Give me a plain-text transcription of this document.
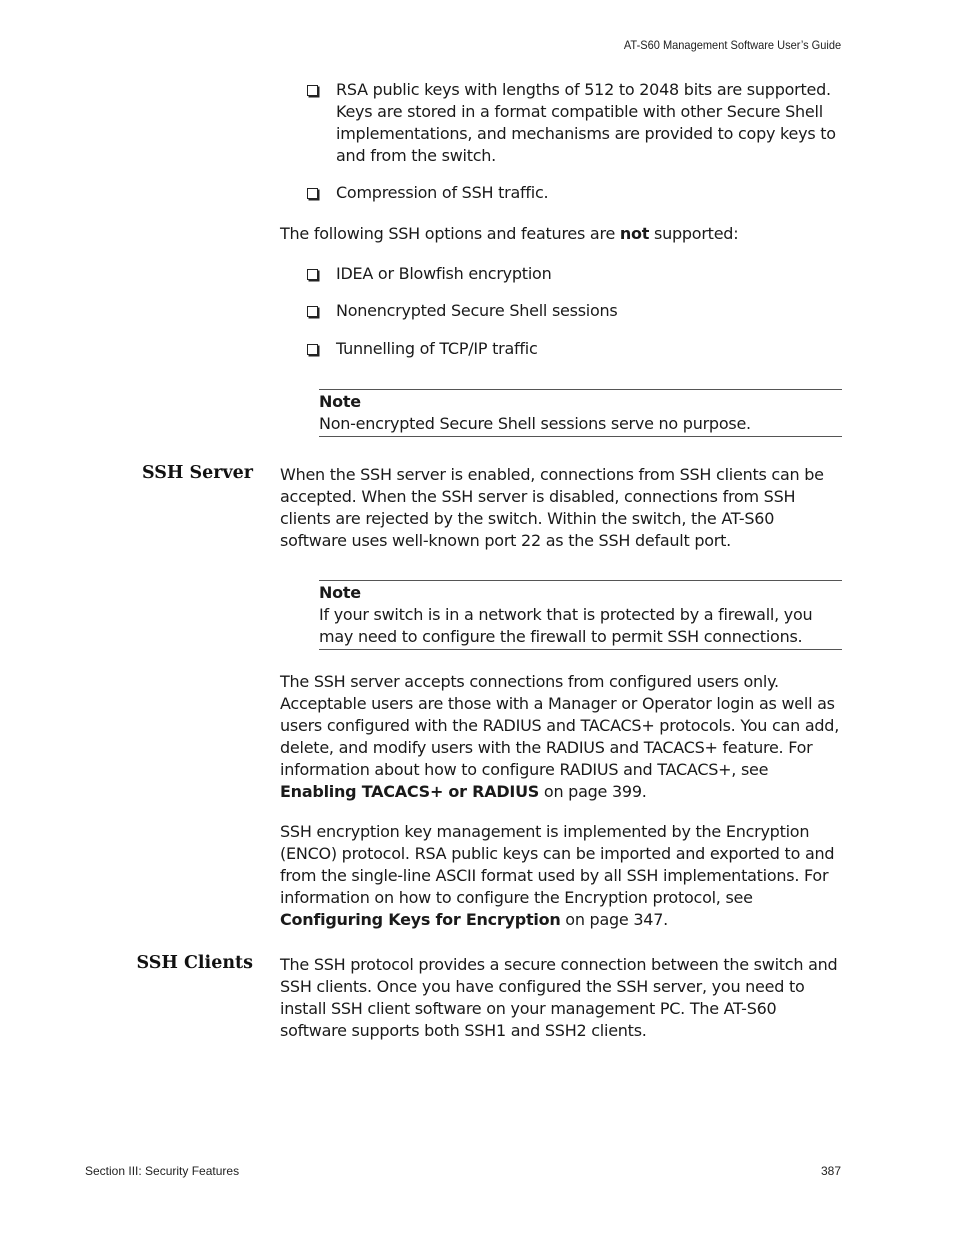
AT-S60 Management Software User’s Guide
RSA public keys with lengths of 512 to 2048 bits are supported. Keys are stored in a format compatible with other Secure Shell implementations, and mechanisms are provided to copy keys to and from the switch.
Compression of SSH traffic.
The following SSH options and features are not supported:
IDEA or Blowfish encryption
Nonencrypted Secure Shell sessions
Tunnelling of TCP/IP traffic
Note
Non-encrypted Secure Shell sessions serve no purpose.
SSH Server When the SSH server is enabled, connections from SSH clients can be accepted. When the SSH server is disabled, connections from SSH clients are rejected by the switch. Within the switch, the AT-S60 software uses well-known port 22 as the SSH default port.
Note
If your switch is in a network that is protected by a firewall, you may need to configure the firewall to permit SSH connections.
The SSH server accepts connections from configured users only. Acceptable users are those with a Manager or Operator login as well as users configured with the RADIUS and TACACS+ protocols. You can add, delete, and modify users with the RADIUS and TACACS+ feature. For information about how to configure RADIUS and TACACS+, see Enabling TACACS+ or RADIUS on page 399.
SSH encryption key management is implemented by the Encryption (ENCO) protocol. RSA public keys can be imported and exported to and from the single-line ASCII format used by all SSH implementations. For information on how to configure the Encryption protocol, see Configuring Keys for Encryption on page 347.
SSH Clients The SSH protocol provides a secure connection between the switch and SSH clients. Once you have configured the SSH server, you need to install SSH client software on your management PC. The AT-S60 software supports both SSH1 and SSH2 clients.
Section III: Security Features	387
